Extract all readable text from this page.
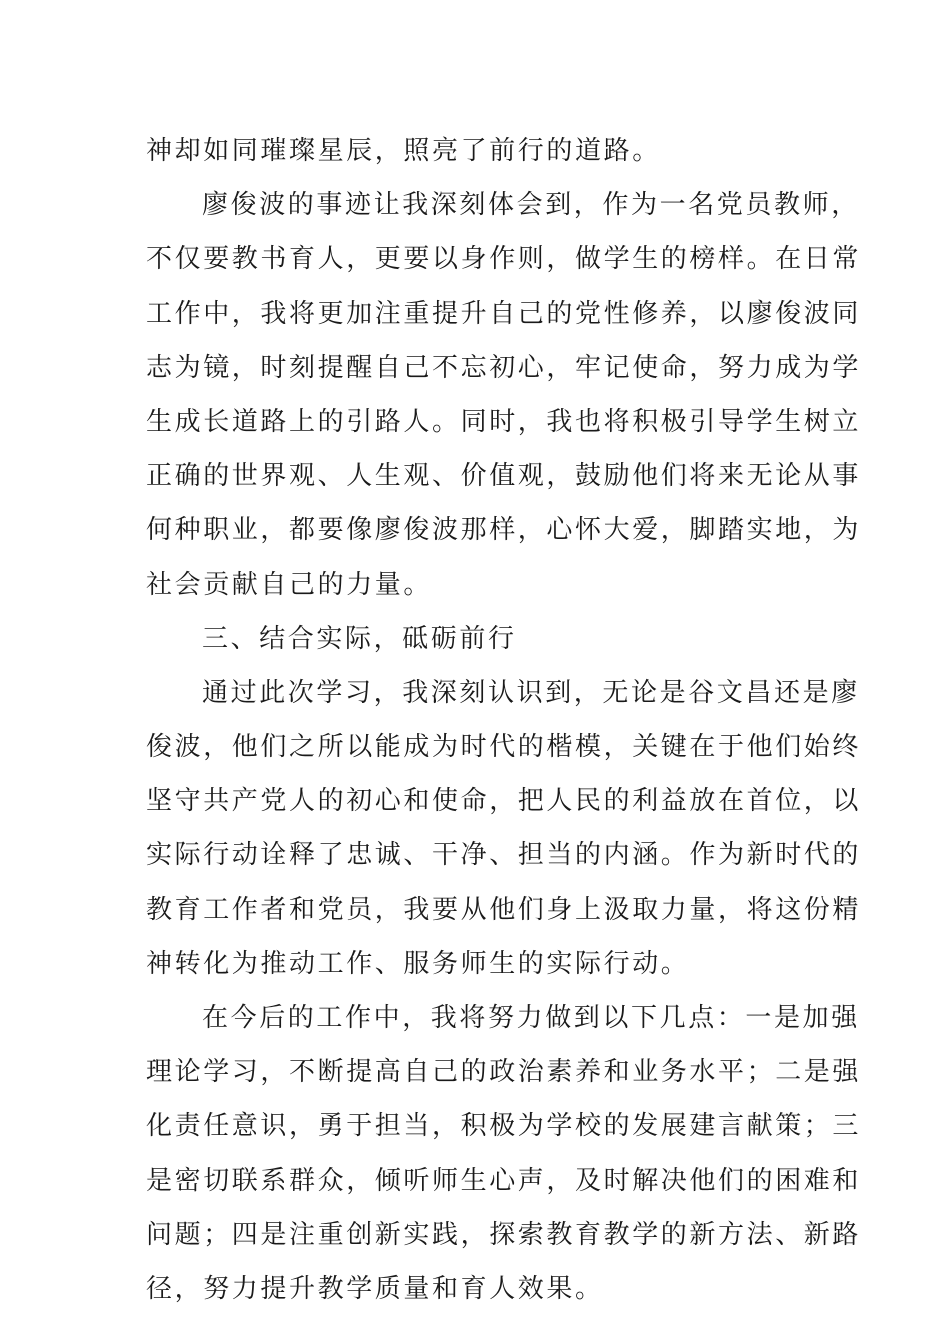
神却如同璀璨星辰，照亮了前行的道路。
廖俊波的事迹让我深刻体会到，作为一名党员教师，
不仅要教书育人，更要以身作则，做学生的榜样。在日常
工作中，我将更加注重提升自己的党性修养，以廖俊波同
志为镜，时刻提醒自己不忘初心，牢记使命，努力成为学
生成长道路上的引路人。同时，我也将积极引导学生树立
正确的世界观、人生观、价值观，鼓励他们将来无论从事
何种职业，都要像廖俊波那样，心怀大爱，脚踏实地，为
社会贡献自己的力量。
三、结合实际，砥砺前行
通过此次学习，我深刻认识到，无论是谷文昌还是廖
俊波，他们之所以能成为时代的楷模，关键在于他们始终
坚守共产党人的初心和使命，把人民的利益放在首位，以
实际行动诠释了忠诚、干净、担当的内涵。作为新时代的
教育工作者和党员，我要从他们身上汲取力量，将这份精
神转化为推动工作、服务师生的实际行动。
在今后的工作中，我将努力做到以下几点：一是加强
理论学习，不断提高自己的政治素养和业务水平；二是强
化责任意识，勇于担当，积极为学校的发展建言献策；三
是密切联系群众，倾听师生心声，及时解决他们的困难和
问题；四是注重创新实践，探索教育教学的新方法、新路
径，努力提升教学质量和育人效果。
